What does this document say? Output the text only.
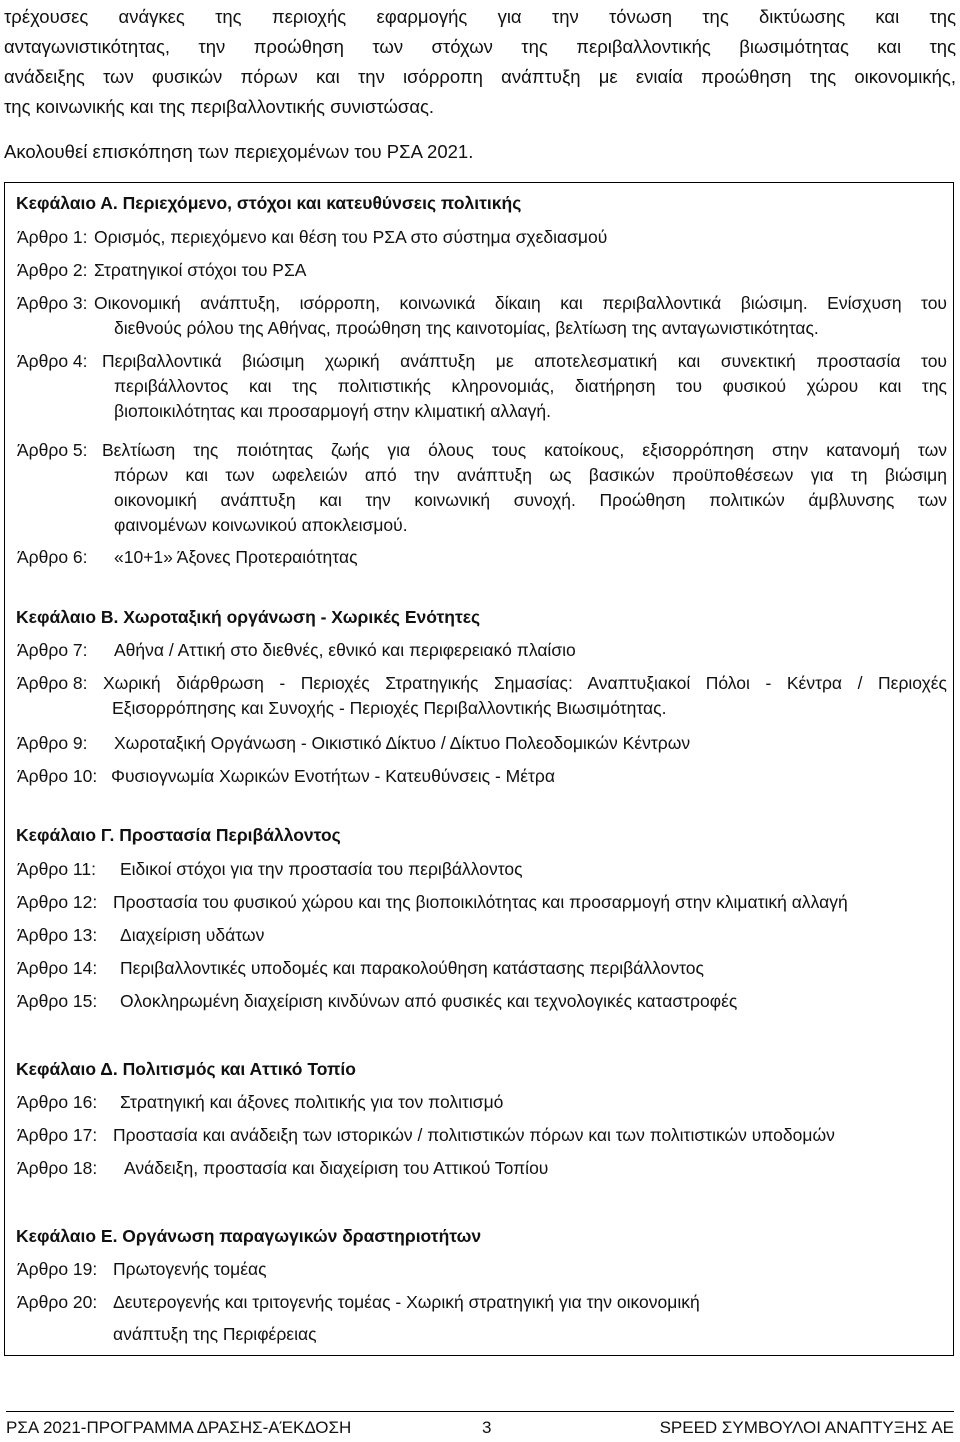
τρέχουσες ανάγκες της περιοχής εφαρμογής για την τόνωση της δικτύωσης και της
ανταγωνιστικότητας, την προώθηση των στόχων της περιβαλλοντικής βιωσιμότητας και της
ανάδειξης των φυσικών πόρων και την ισόρροπη ανάπτυξη με ενιαία προώθηση της οικονομικής,
της κοινωνικής και της περιβαλλοντικής συνιστώσας.
Ακολουθεί επισκόπηση των περιεχομένων του ΡΣΑ 2021.
Κεφάλαιο Α. Περιεχόμενο, στόχοι και κατευθύνσεις πολιτικής
Άρθρο 1: Ορισμός, περιεχόμενο και θέση του ΡΣΑ στο σύστημα σχεδιασμού
Άρθρο 2: Στρατηγικοί στόχοι του ΡΣΑ
Άρθρο 3: Οικονομική ανάπτυξη, ισόρροπη, κοινωνικά δίκαιη και περιβαλλοντικά βιώσιμη. Ενίσχυση του
διεθνούς ρόλου της Αθήνας, προώθηση της καινοτομίας, βελτίωση της ανταγωνιστικότητας.
Άρθρο 4: Περιβαλλοντικά βιώσιμη χωρική ανάπτυξη με αποτελεσματική και συνεκτική προστασία του
περιβάλλοντος και της πολιτιστικής κληρονομιάς, διατήρηση του φυσικού χώρου και της
βιοποικιλότητας και προσαρμογή στην κλιματική αλλαγή.
Άρθρο 5: Βελτίωση της ποιότητας ζωής για όλους τους κατοίκους, εξισορρόπηση στην κατανομή των
πόρων και των ωφελειών από την ανάπτυξη ως βασικών προϋποθέσεων για τη βιώσιμη
οικονομική ανάπτυξη και την κοινωνική συνοχή. Προώθηση πολιτικών άμβλυνσης των
φαινομένων κοινωνικού αποκλεισμού.
Άρθρο 6: «10+1» Άξονες Προτεραιότητας
Κεφάλαιο Β. Χωροταξική οργάνωση - Χωρικές Ενότητες
Άρθρο 7: Αθήνα / Αττική στο διεθνές, εθνικό και περιφερειακό πλαίσιο
Άρθρο 8: Χωρική διάρθρωση - Περιοχές Στρατηγικής Σημασίας: Αναπτυξιακοί Πόλοι - Κέντρα / Περιοχές
Εξισορρόπησης και Συνοχής - Περιοχές Περιβαλλοντικής Βιωσιμότητας.
Άρθρο 9: Χωροταξική Οργάνωση - Οικιστικό Δίκτυο / Δίκτυο Πολεοδομικών Κέντρων
Άρθρο 10: Φυσιογνωμία Χωρικών Ενοτήτων - Κατευθύνσεις - Μέτρα
Κεφάλαιο Γ. Προστασία Περιβάλλοντος
Άρθρο 11: Ειδικοί στόχοι για την προστασία του περιβάλλοντος
Άρθρο 12: Προστασία του φυσικού χώρου και της βιοποικιλότητας και προσαρμογή στην κλιματική αλλαγή
Άρθρο 13: Διαχείριση υδάτων
Άρθρο 14: Περιβαλλοντικές υποδομές και παρακολούθηση κατάστασης περιβάλλοντος
Άρθρο 15: Ολοκληρωμένη διαχείριση κινδύνων από φυσικές και τεχνολογικές καταστροφές
Κεφάλαιο Δ. Πολιτισμός και Αττικό Τοπίο
Άρθρο 16: Στρατηγική και άξονες πολιτικής για τον πολιτισμό
Άρθρο 17: Προστασία και ανάδειξη των ιστορικών / πολιτιστικών πόρων και των πολιτιστικών υποδομών
Άρθρο 18: Ανάδειξη, προστασία και διαχείριση του Αττικού Τοπίου
Κεφάλαιο Ε. Οργάνωση παραγωγικών δραστηριοτήτων
Άρθρο 19: Πρωτογενής τομέας
Άρθρο 20: Δευτερογενής και τριτογενής τομέας - Χωρική στρατηγική για την οικονομική
ανάπτυξη της Περιφέρειας
ΡΣΑ 2021-ΠΡΟΓΡΑΜΜΑ ΔΡΑΣΗΣ-ΑΈΚΔΟΣΗ	3	SPEED ΣΥΜΒΟΥΛΟΙ ΑΝΑΠΤΥΞΗΣ ΑΕ
